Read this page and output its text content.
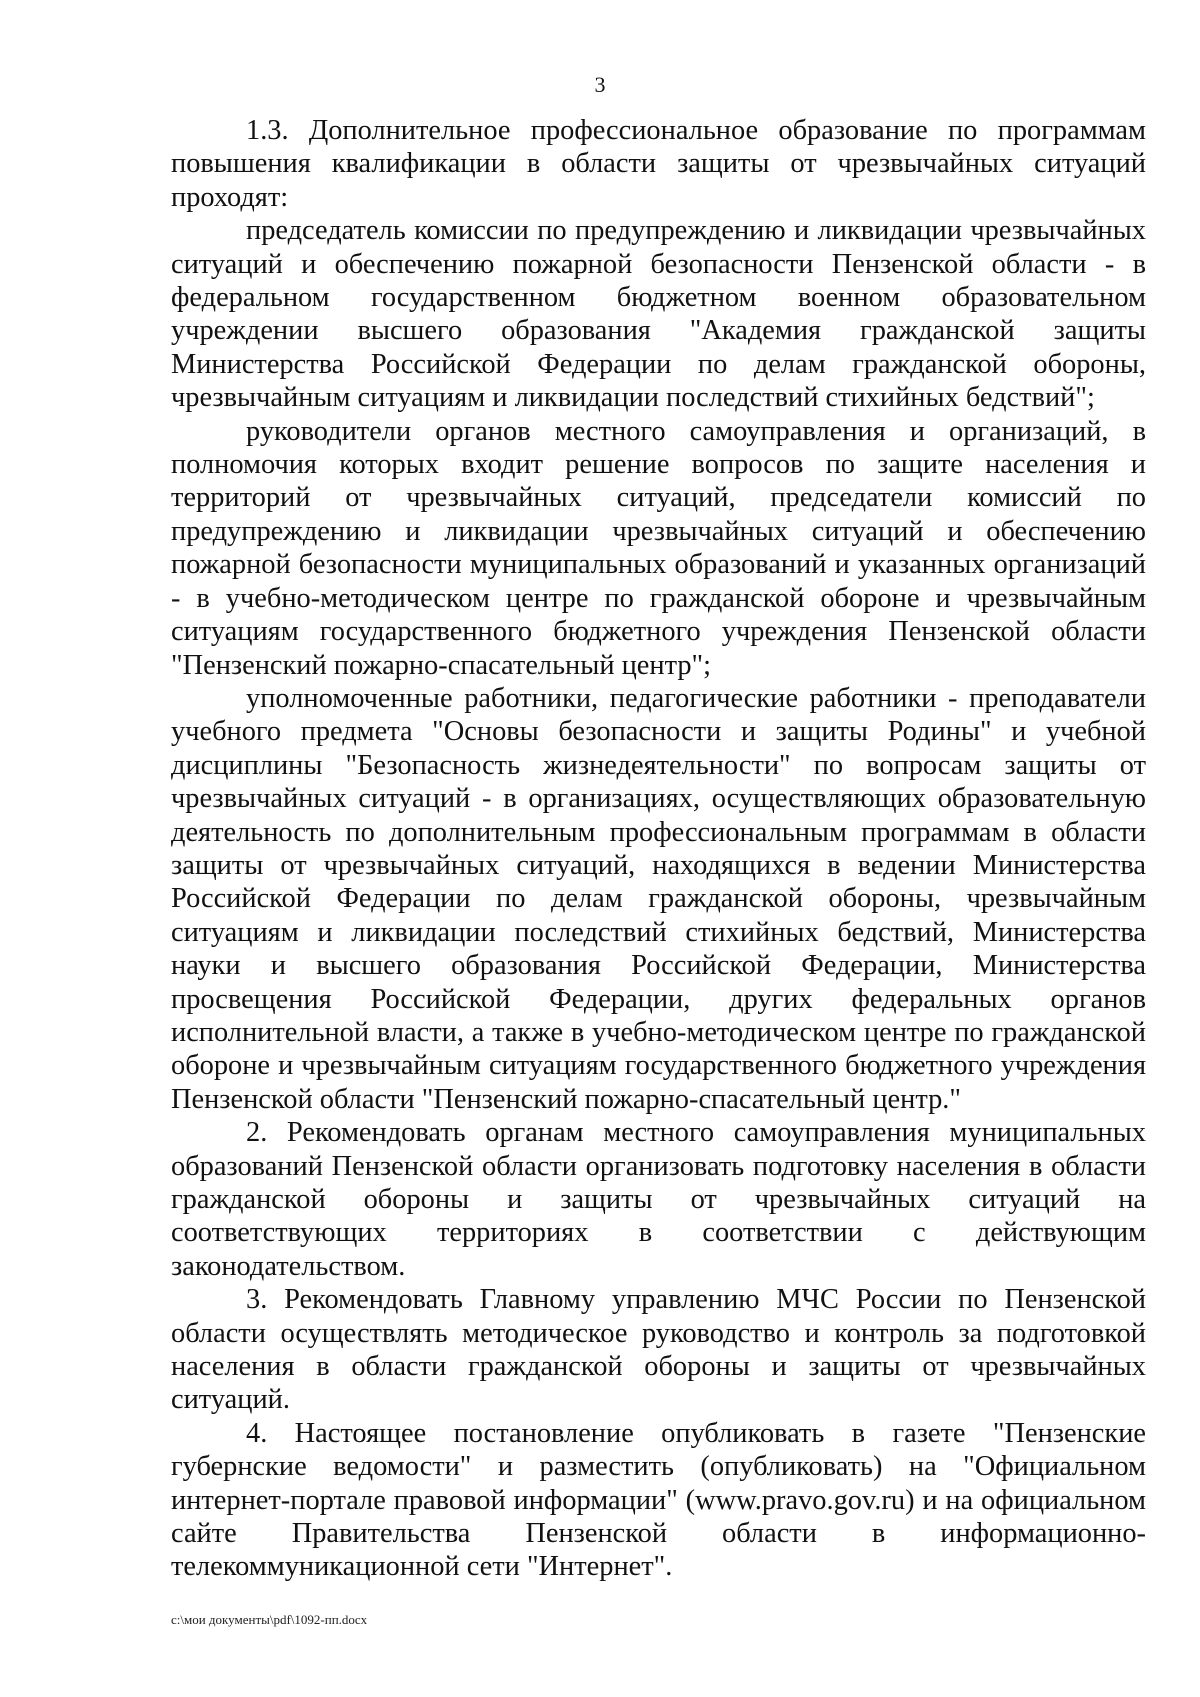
3

1.3. Дополнительное профессиональное образование по программам повышения квалификации в области защиты от чрезвычайных ситуаций проходят:

председатель комиссии по предупреждению и ликвидации чрезвычайных ситуаций и обеспечению пожарной безопасности Пензенской области - в федеральном государственном бюджетном военном образовательном учреждении высшего образования "Академия гражданской защиты Министерства Российской Федерации по делам гражданской обороны, чрезвычайным ситуациям и ликвидации последствий стихийных бедствий";

руководители органов местного самоуправления и организаций, в полномочия которых входит решение вопросов по защите населения и территорий от чрезвычайных ситуаций, председатели комиссий по предупреждению и ликвидации чрезвычайных ситуаций и обеспечению пожарной безопасности муниципальных образований и указанных организаций - в учебно-методическом центре по гражданской обороне и чрезвычайным ситуациям государственного бюджетного учреждения Пензенской области "Пензенский пожарно-спасательный центр";

уполномоченные работники, педагогические работники - преподаватели учебного предмета "Основы безопасности и защиты Родины" и учебной дисциплины "Безопасность жизнедеятельности" по вопросам защиты от чрезвычайных ситуаций - в организациях, осуществляющих образовательную деятельность по дополнительным профессиональным программам в области защиты от чрезвычайных ситуаций, находящихся в ведении Министерства Российской Федерации по делам гражданской обороны, чрезвычайным ситуациям и ликвидации последствий стихийных бедствий, Министерства науки и высшего образования Российской Федерации, Министерства просвещения Российской Федерации, других федеральных органов исполнительной власти, а также в учебно-методическом центре по гражданской обороне и чрезвычайным ситуациям государственного бюджетного учреждения Пензенской области "Пензенский пожарно-спасательный центр."

2. Рекомендовать органам местного самоуправления муниципальных образований Пензенской области организовать подготовку населения в области гражданской обороны и защиты от чрезвычайных ситуаций на соответствующих территориях в соответствии с действующим законодательством.

3. Рекомендовать Главному управлению МЧС России по Пензенской области осуществлять методическое руководство и контроль за подготовкой населения в области гражданской обороны и защиты от чрезвычайных ситуаций.

4. Настоящее постановление опубликовать в газете "Пензенские губернские ведомости" и разместить (опубликовать) на "Официальном интернет-портале правовой информации" (www.pravo.gov.ru) и на официальном сайте Правительства Пензенской области в информационно-телекоммуникационной сети "Интернет".

c:\мои документы\pdf\1092-пп.docx
